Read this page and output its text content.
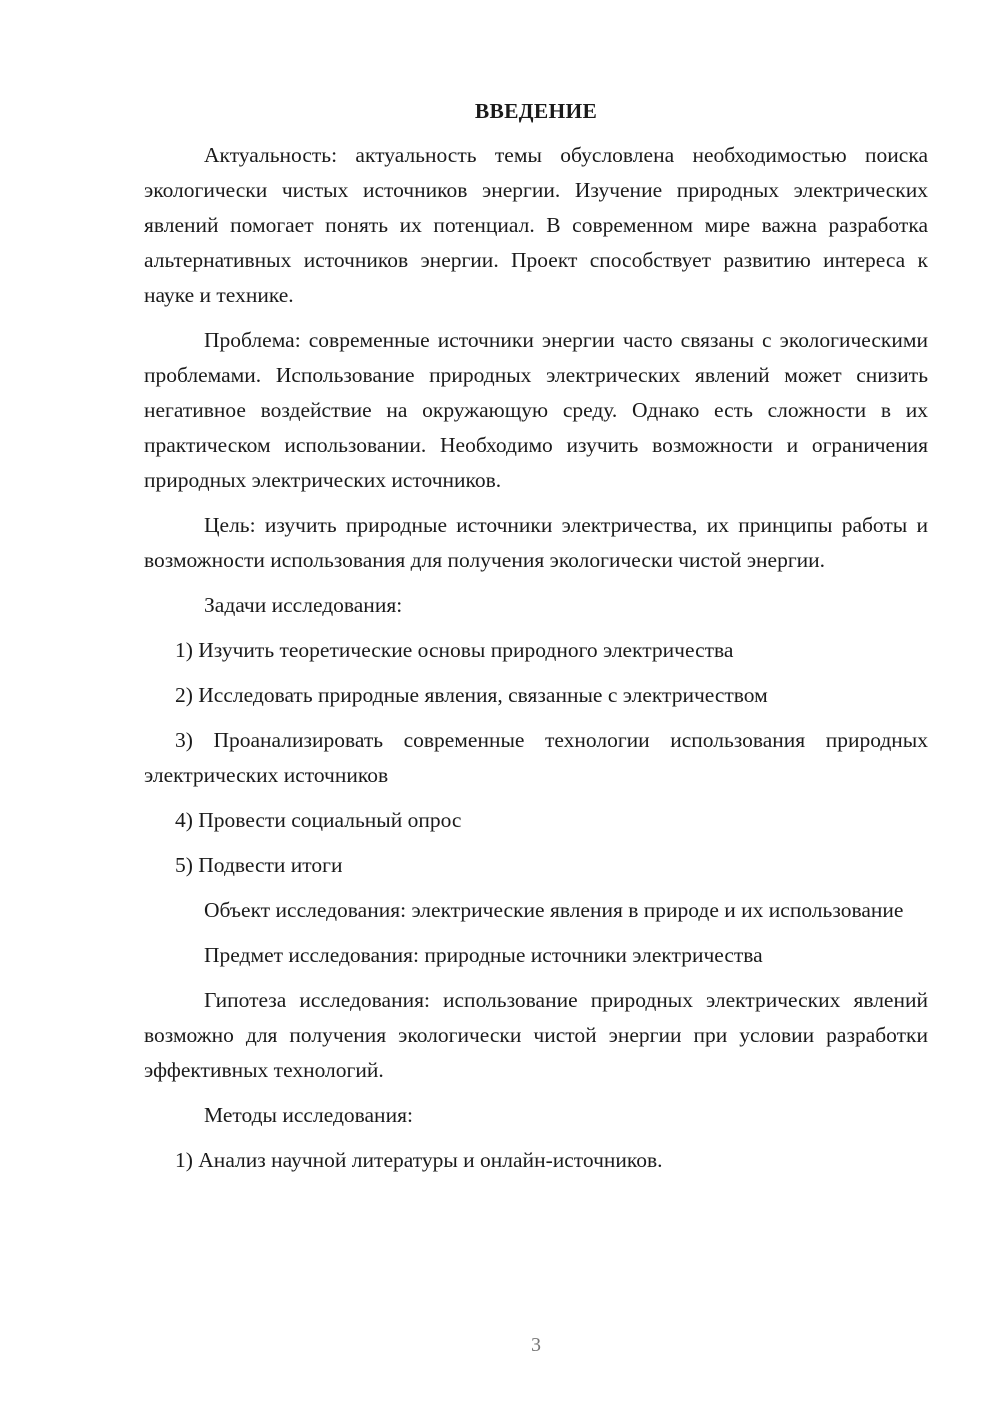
ВВЕДЕНИЕ

Актуальность: актуальность темы обусловлена необходимостью поиска экологически чистых источников энергии. Изучение природных электрических явлений помогает понять их потенциал. В современном мире важна разработка альтернативных источников энергии. Проект способствует развитию интереса к науке и технике.

Проблема: современные источники энергии часто связаны с экологическими проблемами. Использование природных электрических явлений может снизить негативное воздействие на окружающую среду. Однако есть сложности в их практическом использовании. Необходимо изучить возможности и ограничения природных электрических источников.

Цель: изучить природные источники электричества, их принципы работы и возможности использования для получения экологически чистой энергии.

Задачи исследования:

1) Изучить теоретические основы природного электричества

2) Исследовать природные явления, связанные с электричеством

3) Проанализировать современные технологии использования природных электрических источников

4) Провести социальный опрос

5) Подвести итоги

Объект исследования: электрические явления в природе и их использование

Предмет исследования: природные источники электричества

Гипотеза исследования: использование природных электрических явлений возможно для получения экологически чистой энергии при условии разработки эффективных технологий.

Методы исследования:

1) Анализ научной литературы и онлайн-источников.

3
